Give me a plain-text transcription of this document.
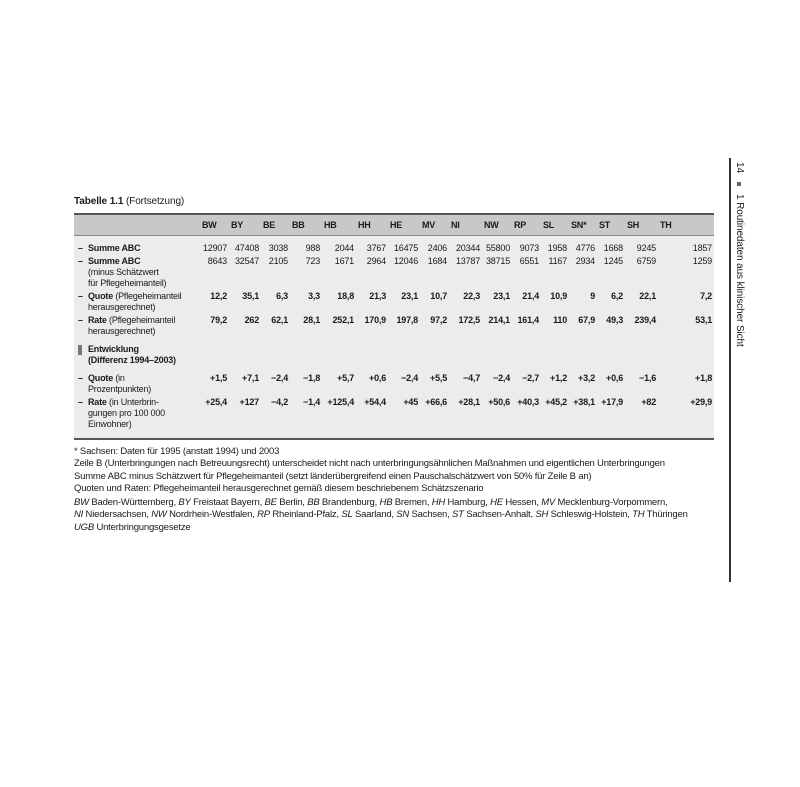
Tabelle 1.1 (Fortsetzung)
	BW	BY	BE	BB	HB	HH	HE	MV	NI	NW	RP	SL	SN*	ST	SH	TH
– Summe ABC	12907	47408	3038	988	2044	3767	16475	2406	20344	55800	9073	1958	4776	1668	9245	1857
– Summe ABC
(minus Schätzwert
für Pflegeheimanteil)	8643	32547	2105	723	1671	2964	12046	1684	13787	38715	6551	1167	2934	1245	6759	1259
– Quote (Pflegeheimanteil
herausgerechnet)	12,2	35,1	6,3	3,3	18,8	21,3	23,1	10,7	22,3	23,1	21,4	10,9	9	6,2	22,1	7,2
– Rate (Pflegeheimanteil
herausgerechnet)	79,2	262	62,1	28,1	252,1	170,9	197,8	97,2	172,5	214,1	161,4	110	67,9	49,3	239,4	53,1

Entwicklung
(Differenz 1994–2003)																

– Quote (in
Prozentpunkten)	+1,5	+7,1	−2,4	−1,8	+5,7	+0,6	−2,4	+5,5	−4,7	−2,4	−2,7	+1,2	+3,2	+0,6	−1,6	+1,8
– Rate (in Unterbrin-
gungen pro 100 000
Einwohner)	+25,4	+127	−4,2	−1,4	+125,4	+54,4	+45	+66,6	+28,1	+50,6	+40,3	+45,2	+38,1	+17,9	+82	+29,9

* Sachsen: Daten für 1995 (anstatt 1994) und 2003

Zeile B (Unterbringungen nach Betreuungsrecht) unterscheidet nicht nach unterbringungsähnlichen Maßnahmen und eigentlichen Unterbringungen

Summe ABC minus Schätzwert für Pflegeheimanteil (setzt länderübergreifend einen Pauschalschätzwert von 50% für Zeile B an)

Quoten und Raten: Pflegeheimanteil herausgerechnet gemäß diesem beschriebenem Schätzszenario

BW Baden-Württemberg, BY Freistaat Bayern, BE Berlin, BB Brandenburg, HB Bremen, HH Hamburg, HE Hessen, MV Mecklenburg-Vorpommern,

NI Niedersachsen, NW Nordrhein-Westfalen, RP Rheinland-Pfalz, SL Saarland, SN Sachsen, ST Sachsen-Anhalt, SH Schleswig-Holstein, TH Thüringen

UGB Unterbringungsgesetze

14  1 Routinedaten aus klinischer Sicht
